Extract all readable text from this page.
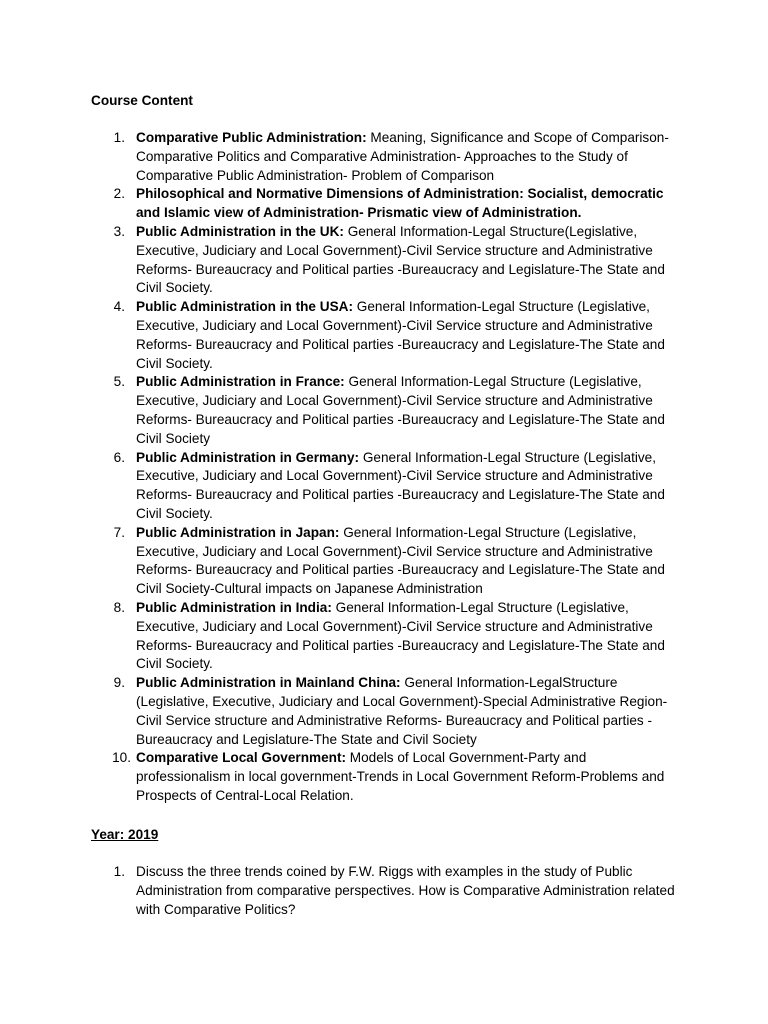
Course Content
1. Comparative Public Administration: Meaning, Significance and Scope of Comparison-Comparative Politics and Comparative Administration- Approaches to the Study of Comparative Public Administration- Problem of Comparison
2. Philosophical and Normative Dimensions of Administration: Socialist, democratic and Islamic view of Administration- Prismatic view of Administration.
3. Public Administration in the UK: General Information-Legal Structure(Legislative, Executive, Judiciary and Local Government)-Civil Service structure and Administrative Reforms- Bureaucracy and Political parties -Bureaucracy and Legislature-The State and Civil Society.
4. Public Administration in the USA: General Information-Legal Structure (Legislative, Executive, Judiciary and Local Government)-Civil Service structure and Administrative Reforms- Bureaucracy and Political parties -Bureaucracy and Legislature-The State and Civil Society.
5. Public Administration in France: General Information-Legal Structure (Legislative, Executive, Judiciary and Local Government)-Civil Service structure and Administrative Reforms- Bureaucracy and Political parties -Bureaucracy and Legislature-The State and Civil Society
6. Public Administration in Germany: General Information-Legal Structure (Legislative, Executive, Judiciary and Local Government)-Civil Service structure and Administrative Reforms- Bureaucracy and Political parties -Bureaucracy and Legislature-The State and Civil Society.
7. Public Administration in Japan: General Information-Legal Structure (Legislative, Executive, Judiciary and Local Government)-Civil Service structure and Administrative Reforms- Bureaucracy and Political parties -Bureaucracy and Legislature-The State and Civil Society-Cultural impacts on Japanese Administration
8. Public Administration in India: General Information-Legal Structure (Legislative, Executive, Judiciary and Local Government)-Civil Service structure and Administrative Reforms- Bureaucracy and Political parties -Bureaucracy and Legislature-The State and Civil Society.
9. Public Administration in Mainland China: General Information-LegalStructure (Legislative, Executive, Judiciary and Local Government)-Special Administrative Region-Civil Service structure and Administrative Reforms- Bureaucracy and Political parties -Bureaucracy and Legislature-The State and Civil Society
10. Comparative Local Government: Models of Local Government-Party and professionalism in local government-Trends in Local Government Reform-Problems and Prospects of Central-Local Relation.
Year: 2019
1. Discuss the three trends coined by F.W. Riggs with examples in the study of Public Administration from comparative perspectives. How is Comparative Administration related with Comparative Politics?
